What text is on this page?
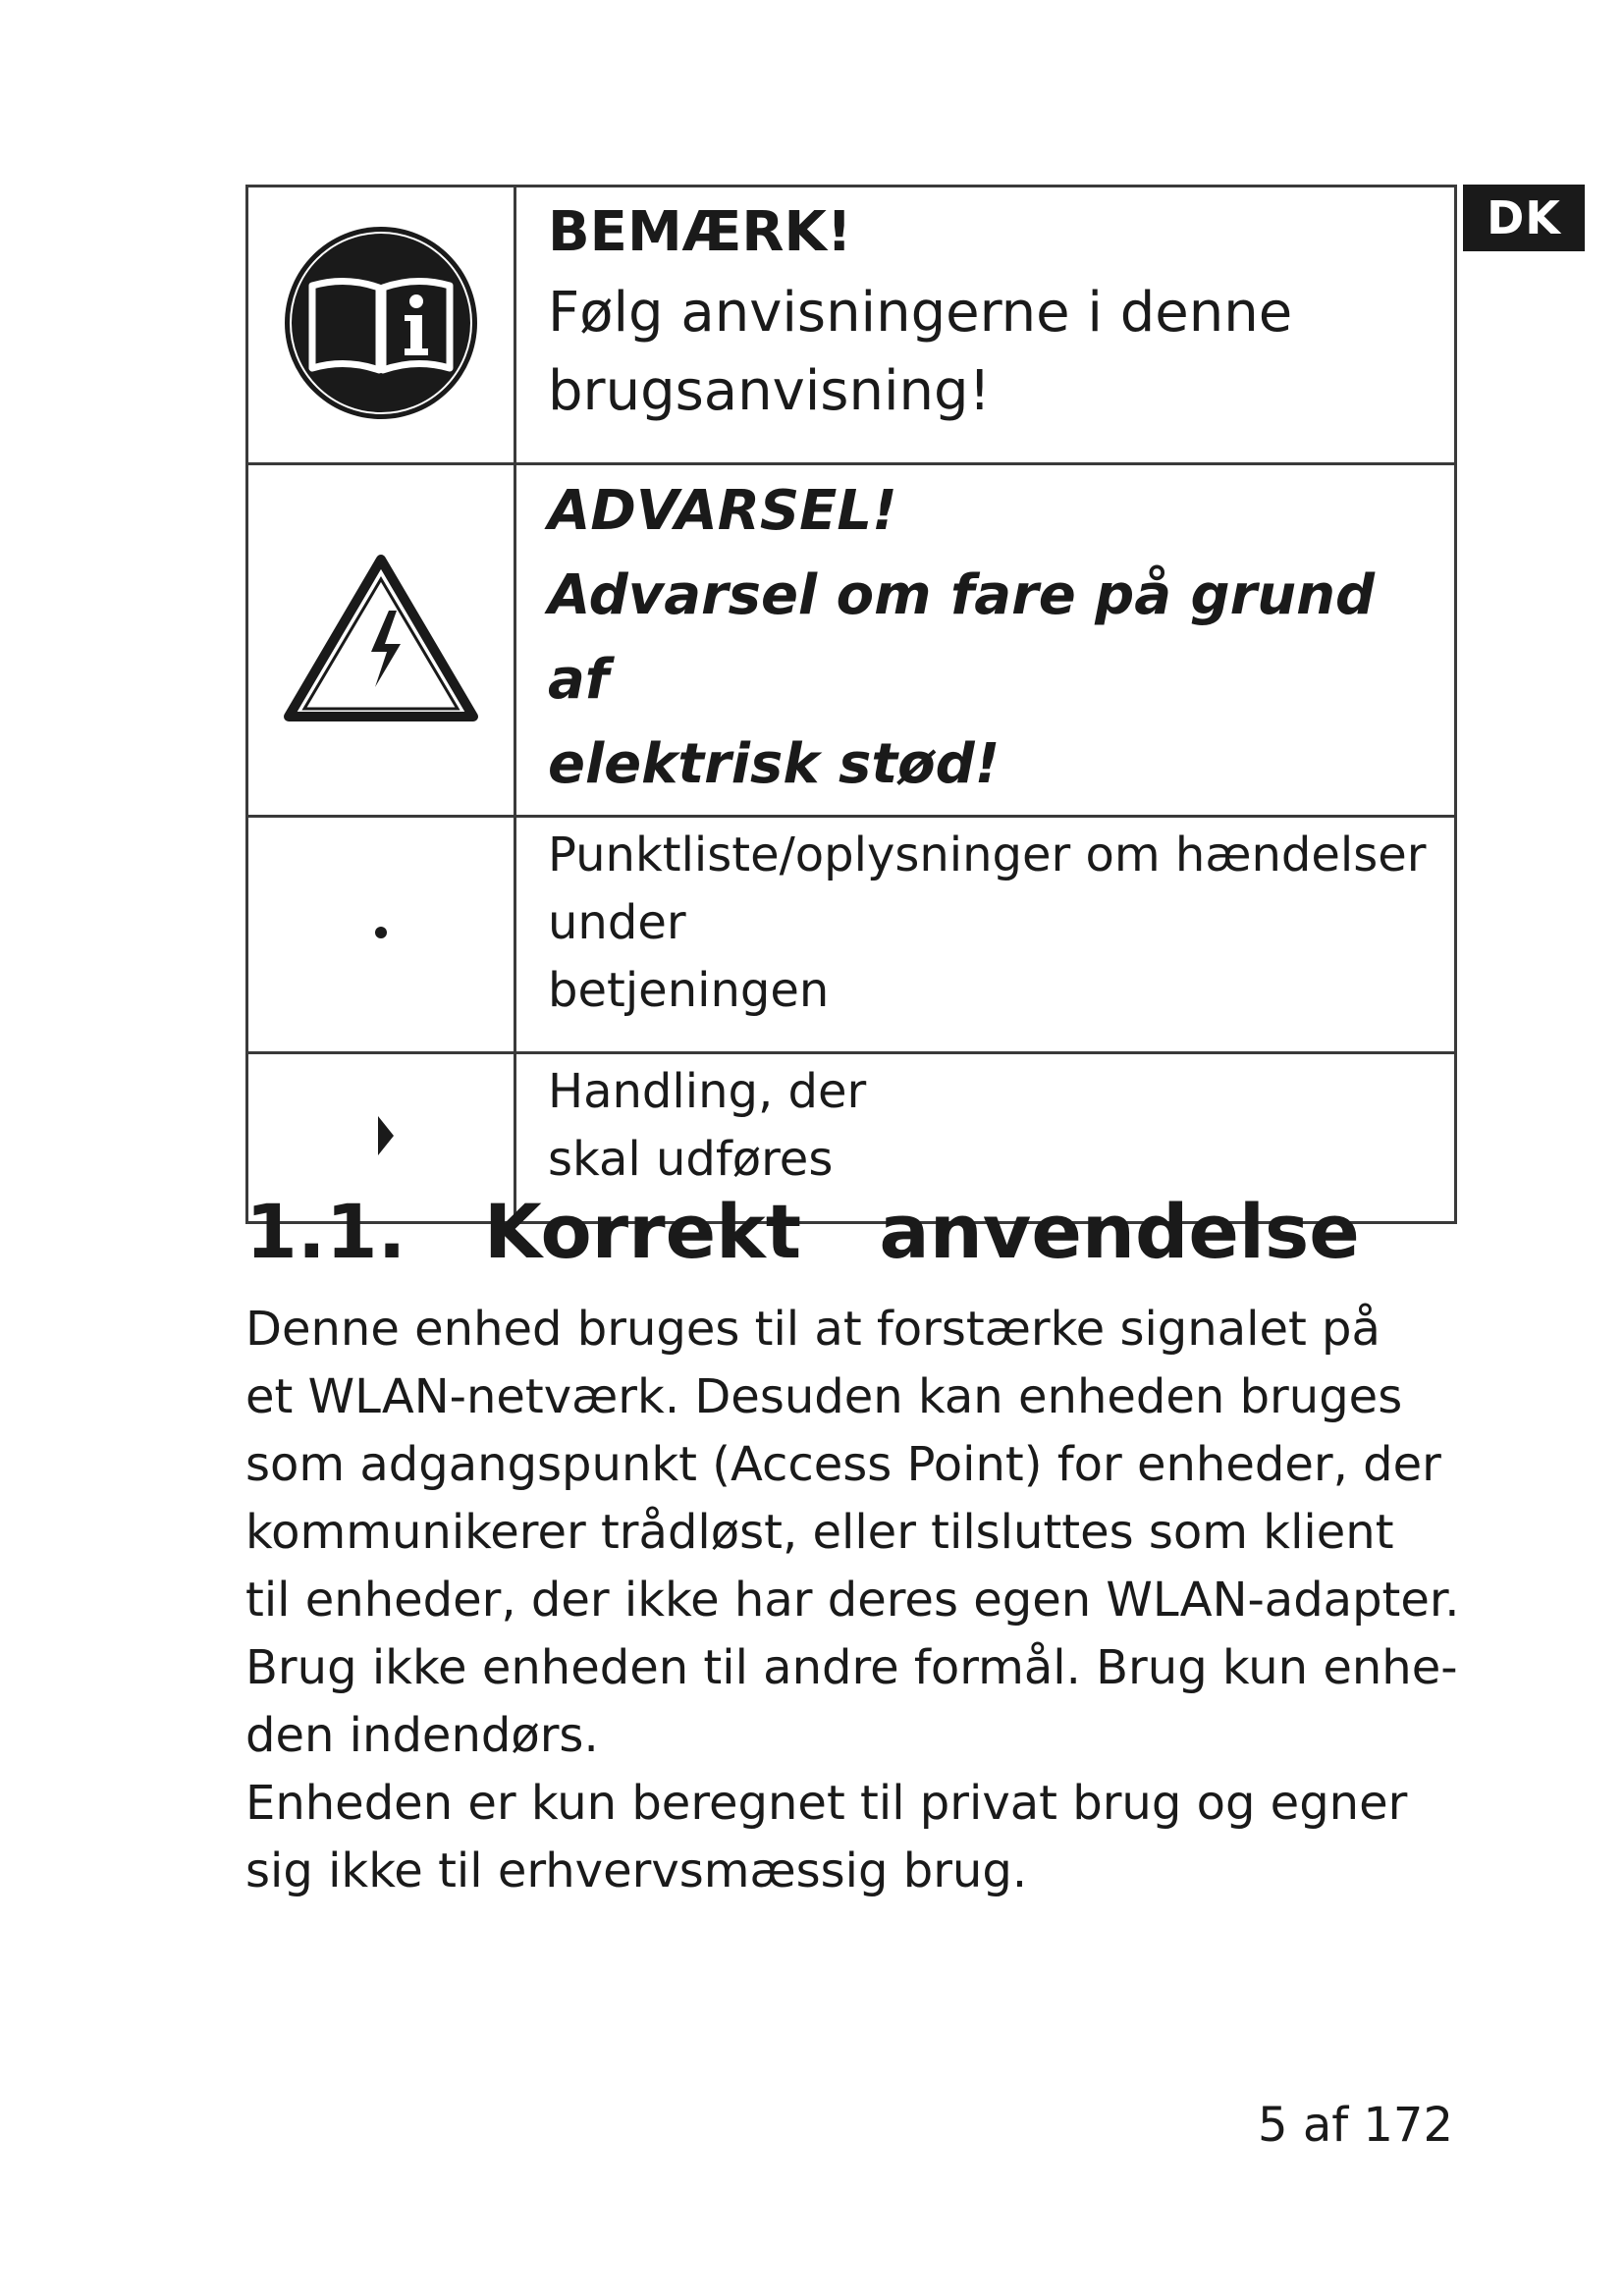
DK

BEMÆRK!
Følg anvisningerne i denne
brugsanvisning!

ADVARSEL!
Advarsel om fare på grund af
elektrisk stød!

Punktliste/oplysninger om hændelser
under
betjeningen

Handling, der
skal udføres
1.1.   Korrekt   anvendelse

Denne enhed bruges til at forstærke signalet på
et WLAN-netværk. Desuden kan enheden bruges
som adgangspunkt (Access Point) for enheder, der
kommunikerer trådløst, eller tilsluttes som klient
til enheder, der ikke har deres egen WLAN-adapter.
Brug ikke enheden til andre formål. Brug kun enhe-
den indendørs.

Enheden er kun beregnet til privat brug og egner
sig ikke til erhvervsmæssig brug.

5 af 172
